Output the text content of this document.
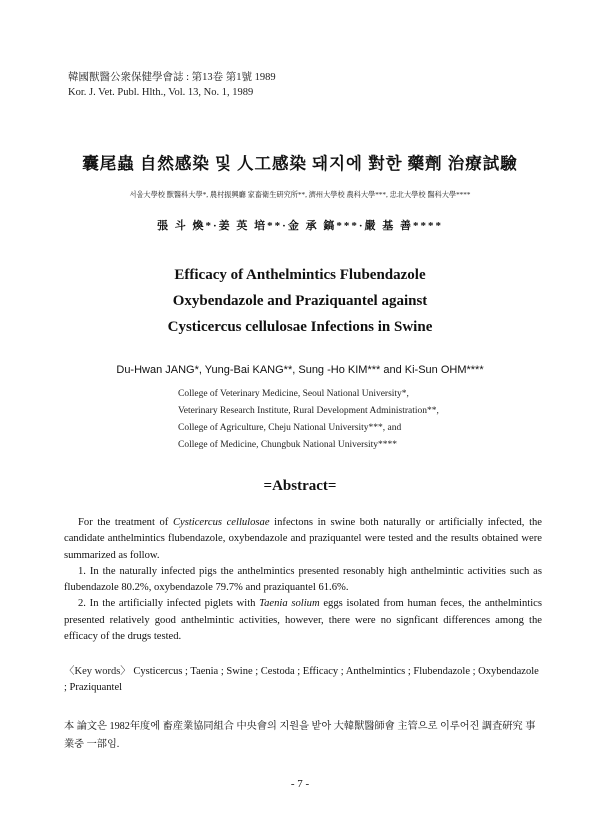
韓國獸醫公衆保健學會誌 : 第13卷 第1號 1989
Kor. J. Vet. Publ. Hlth., Vol. 13, No. 1, 1989
囊尾蟲 自然感染 및 人工感染 돼지에 對한 藥劑 治療試驗
서울大學校 獸醫科大學*, 農村振興廳 家畜衛生硏究所**, 濟州大學校 農科大學***, 忠北大學校 醫科大學****
張 斗 煥*·姜 英 培**·金 承 鎬***·嚴 基 善****
Efficacy of Anthelmintics Flubendazole
Oxybendazole and Praziquantel against
Cysticercus cellulosae Infections in Swine
Du-Hwan JANG*, Yung-Bai KANG**, Sung -Ho KIM*** and Ki-Sun OHM****
College of Veterinary Medicine, Seoul National University*,
Veterinary Research Institute, Rural Development Administration**,
College of Agriculture, Cheju National University***, and
College of Medicine, Chungbuk National University****
=Abstract=

For the treatment of Cysticercus cellulosae infectons in swine both naturally or artificially infected, the candidate anthelmintics flubendazole, oxybendazole and praziquantel were tested and the results obtained were summarized as follow.

1. In the naturally infected pigs the anthelmintics presented resonably high anthelmintic activities such as flubendazole 80.2%, oxybendazole 79.7% and praziquantel 61.6%.

2. In the artificially infected piglets with Taenia solium eggs isolated from human feces, the anthelmintics presented relatively good anthelmintic activities, however, there were no signficant differences among the efficacy of the drugs tested.

〈Key words〉 Cysticercus ; Taenia ; Swine ; Cestoda ; Efficacy ; Anthelmintics ; Flubendazole ; Oxybendazole ; Praziquantel
本 論文은 1982年度에 畜産業協同組合 中央會의 지원을 받아 大韓獸醫師會 主管으로 이루어진 調査硏究 事業중 一部임.
- 7 -
